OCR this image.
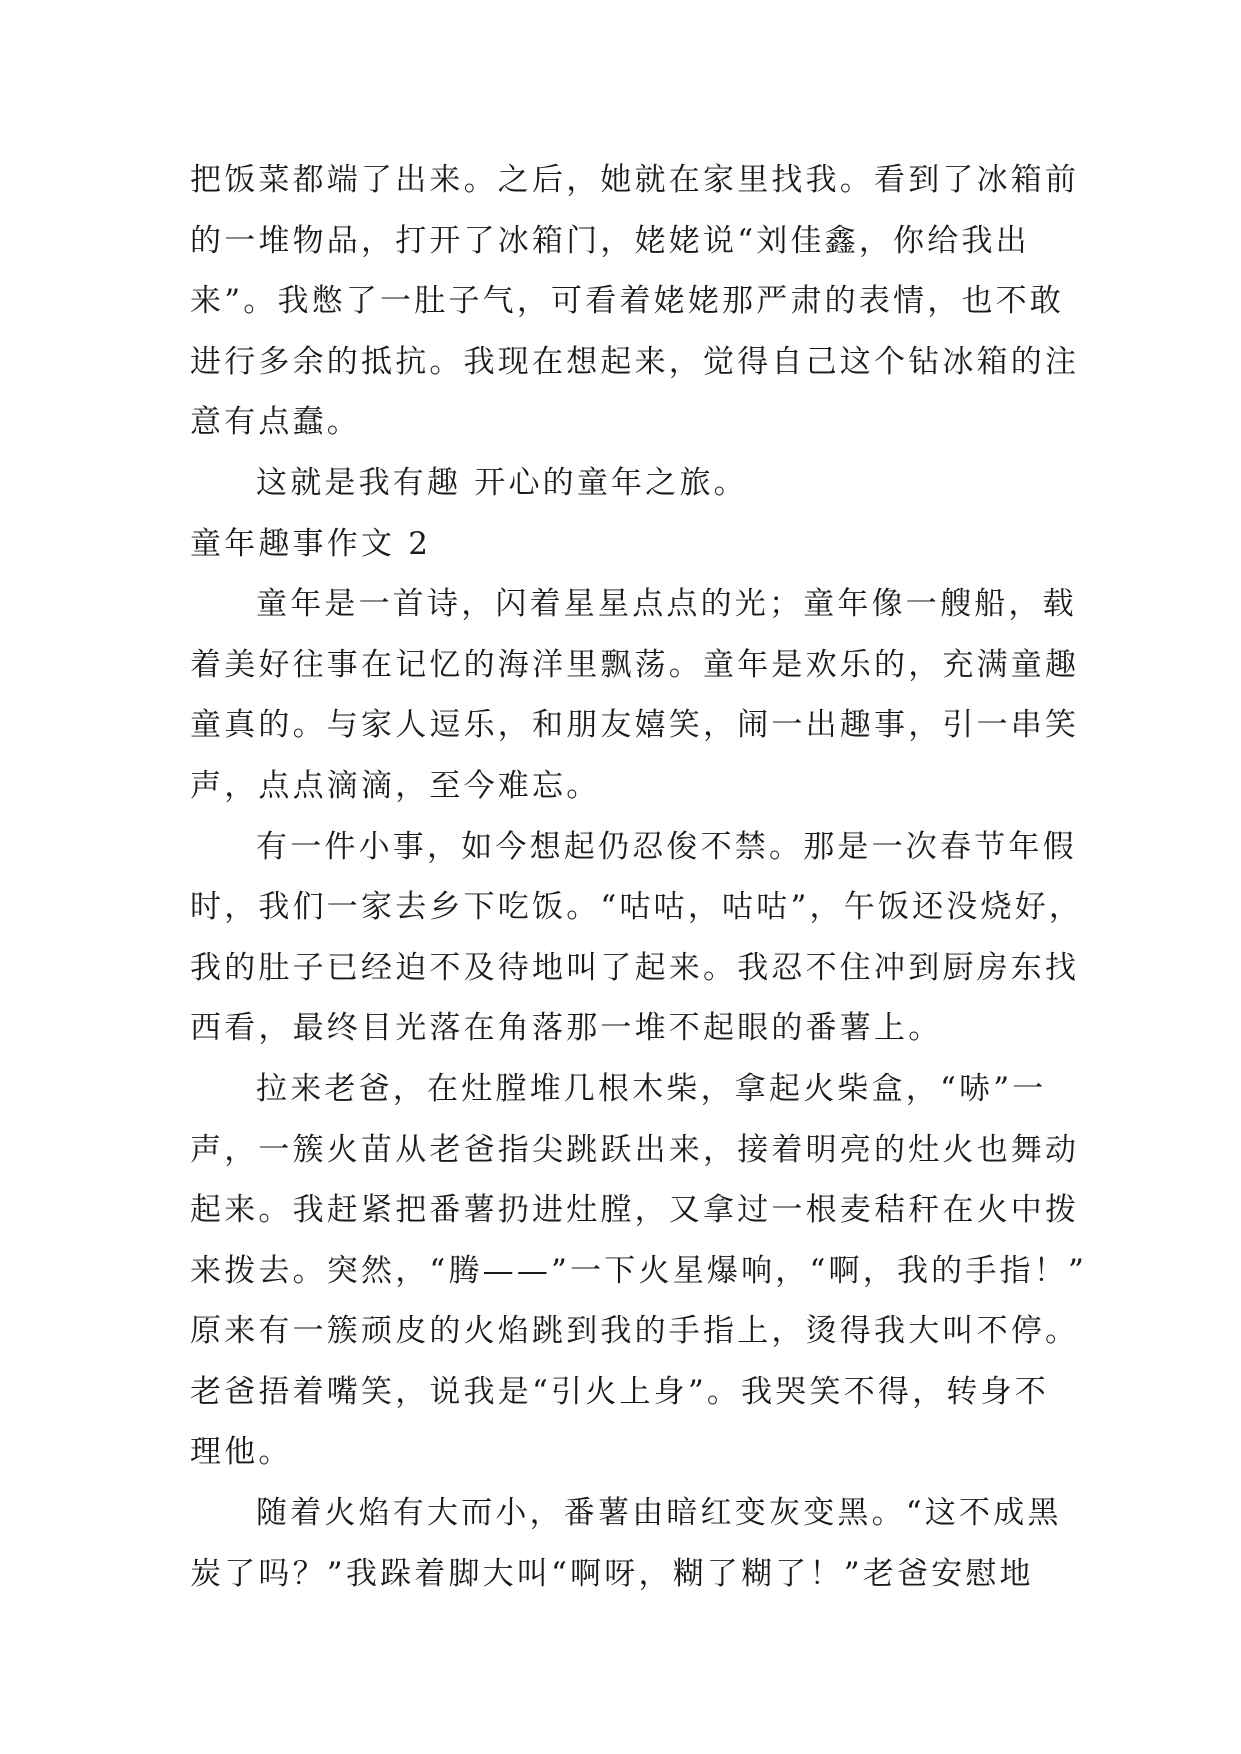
把饭菜都端了出来。之后，她就在家里找我。看到了冰箱前
的一堆物品，打开了冰箱门，姥姥说“刘佳鑫，你给我出
来”。我憋了一肚子气，可看着姥姥那严肃的表情，也不敢
进行多余的抵抗。我现在想起来，觉得自己这个钻冰箱的注
意有点蠢。
这就是我有趣 开心的童年之旅。
童年趣事作文 2
童年是一首诗，闪着星星点点的光；童年像一艘船，载
着美好往事在记忆的海洋里飘荡。童年是欢乐的，充满童趣
童真的。与家人逗乐，和朋友嬉笑，闹一出趣事，引一串笑
声，点点滴滴，至今难忘。
有一件小事，如今想起仍忍俊不禁。那是一次春节年假
时，我们一家去乡下吃饭。“咕咕，咕咕”，午饭还没烧好，
我的肚子已经迫不及待地叫了起来。我忍不住冲到厨房东找
西看，最终目光落在角落那一堆不起眼的番薯上。
拉来老爸，在灶膛堆几根木柴，拿起火柴盒，“哧”一
声，一簇火苗从老爸指尖跳跃出来，接着明亮的灶火也舞动
起来。我赶紧把番薯扔进灶膛，又拿过一根麦秸秆在火中拨
来拨去。突然，“腾——”一下火星爆响，“啊，我的手指！”
原来有一簇顽皮的火焰跳到我的手指上，烫得我大叫不停。
老爸捂着嘴笑，说我是“引火上身”。我哭笑不得，转身不
理他。
随着火焰有大而小，番薯由暗红变灰变黑。“这不成黑
炭了吗？”我跺着脚大叫“啊呀，糊了糊了！”老爸安慰地
